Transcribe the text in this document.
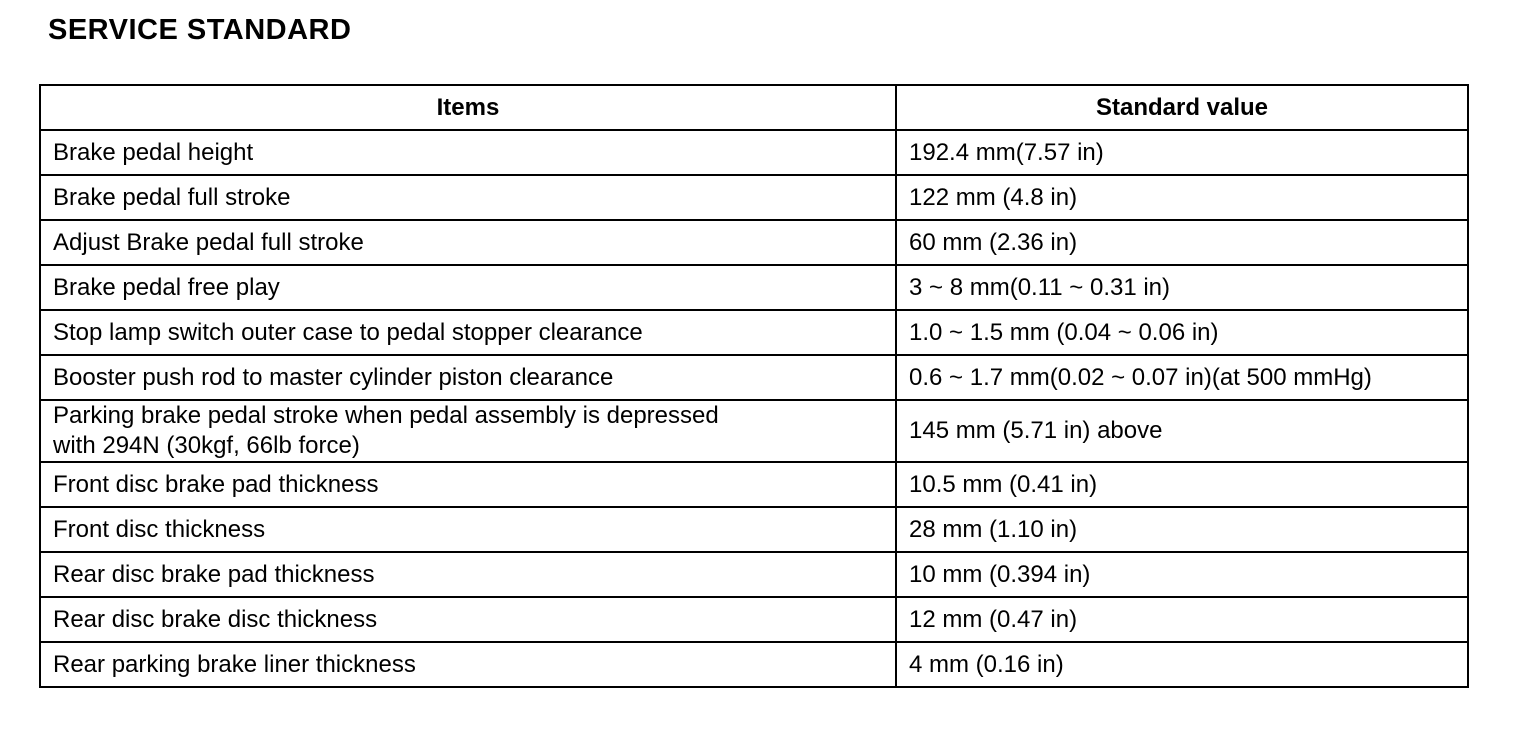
SERVICE STANDARD
Items	Standard value
Brake pedal height	192.4 mm(7.57 in)
Brake pedal full stroke	122 mm (4.8 in)
Adjust Brake pedal full stroke	60 mm (2.36 in)
Brake pedal free play	3 ~ 8 mm(0.11 ~ 0.31 in)
Stop lamp switch outer case to pedal stopper clearance	1.0 ~ 1.5 mm (0.04 ~ 0.06 in)
Booster push rod to master cylinder piston clearance	0.6 ~ 1.7 mm(0.02 ~ 0.07 in)(at 500 mmHg)
Parking brake pedal stroke when pedal assembly is depressed
with 294N (30kgf, 66lb force)	145 mm (5.71 in) above
Front disc brake pad thickness	10.5 mm (0.41 in)
Front disc thickness	28 mm (1.10 in)
Rear disc brake pad thickness	10 mm (0.394 in)
Rear disc brake disc thickness	12 mm (0.47 in)
Rear parking brake liner thickness	4 mm (0.16 in)
